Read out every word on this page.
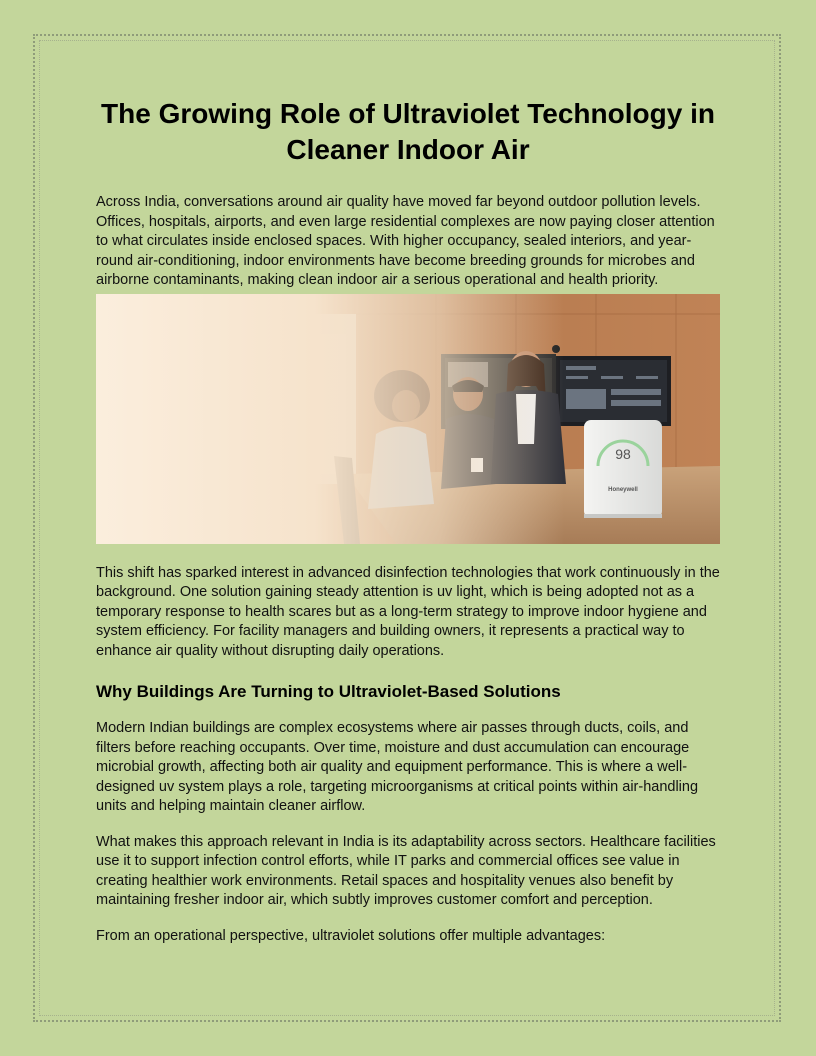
The Growing Role of Ultraviolet Technology in Cleaner Indoor Air

Across India, conversations around air quality have moved far beyond outdoor pollution levels. Offices, hospitals, airports, and even large residential complexes are now paying closer attention to what circulates inside enclosed spaces. With higher occupancy, sealed interiors, and year-round air-conditioning, indoor environments have become breeding grounds for microbes and airborne contaminants, making clean indoor air a serious operational and health priority.

98
Honeywell

This shift has sparked interest in advanced disinfection technologies that work continuously in the background. One solution gaining steady attention is uv light, which is being adopted not as a temporary response to health scares but as a long-term strategy to improve indoor hygiene and system efficiency. For facility managers and building owners, it represents a practical way to enhance air quality without disrupting daily operations.

Why Buildings Are Turning to Ultraviolet-Based Solutions

Modern Indian buildings are complex ecosystems where air passes through ducts, coils, and filters before reaching occupants. Over time, moisture and dust accumulation can encourage microbial growth, affecting both air quality and equipment performance. This is where a well-designed uv system plays a role, targeting microorganisms at critical points within air-handling units and helping maintain cleaner airflow.

What makes this approach relevant in India is its adaptability across sectors. Healthcare facilities use it to support infection control efforts, while IT parks and commercial offices see value in creating healthier work environments. Retail spaces and hospitality venues also benefit by maintaining fresher indoor air, which subtly improves customer comfort and perception.

From an operational perspective, ultraviolet solutions offer multiple advantages:
